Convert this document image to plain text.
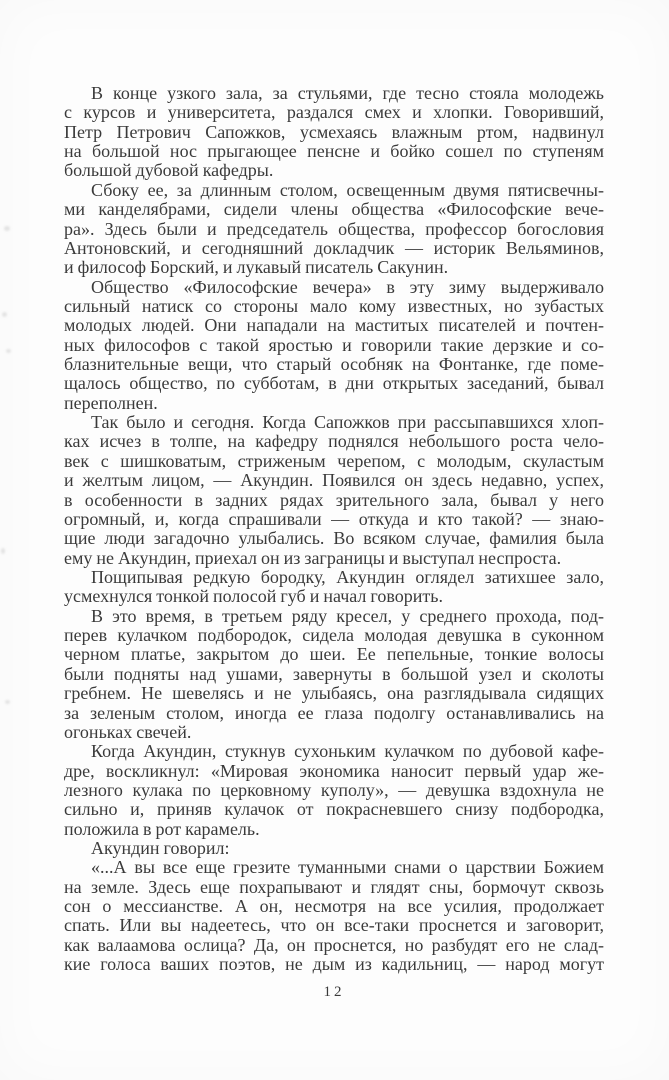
В конце узкого зала, за стульями, где тесно стояла молодежь
с курсов и университета, раздался смех и хлопки. Говоривший,
Петр Петрович Сапожков, усмехаясь влажным ртом, надвинул
на большой нос прыгающее пенсне и бойко сошел по ступеням
большой дубовой кафедры.
Сбоку ее, за длинным столом, освещенным двумя пятисвечны-
ми канделябрами, сидели члены общества «Философские вече-
ра». Здесь были и председатель общества, профессор богословия
Антоновский, и сегодняшний докладчик — историк Вельяминов,
и философ Борский, и лукавый писатель Сакунин.
Общество «Философские вечера» в эту зиму выдерживало
сильный натиск со стороны мало кому известных, но зубастых
молодых людей. Они нападали на маститых писателей и почтен-
ных философов с такой яростью и говорили такие дерзкие и со-
блазнительные вещи, что старый особняк на Фонтанке, где поме-
щалось общество, по субботам, в дни открытых заседаний, бывал
переполнен.
Так было и сегодня. Когда Сапожков при рассыпавшихся хлоп-
ках исчез в толпе, на кафедру поднялся небольшого роста чело-
век с шишковатым, стриженым черепом, с молодым, скуластым
и желтым лицом, — Акундин. Появился он здесь недавно, успех,
в особенности в задних рядах зрительного зала, бывал у него
огромный, и, когда спрашивали — откуда и кто такой? — знаю-
щие люди загадочно улыбались. Во всяком случае, фамилия была
ему не Акундин, приехал он из заграницы и выступал неспроста.
Пощипывая редкую бородку, Акундин оглядел затихшее зало,
усмехнулся тонкой полосой губ и начал говорить.
В это время, в третьем ряду кресел, у среднего прохода, под-
перев кулачком подбородок, сидела молодая девушка в суконном
черном платье, закрытом до шеи. Ее пепельные, тонкие волосы
были подняты над ушами, завернуты в большой узел и сколоты
гребнем. Не шевелясь и не улыбаясь, она разглядывала сидящих
за зеленым столом, иногда ее глаза подолгу останавливались на
огоньках свечей.
Когда Акундин, стукнув сухоньким кулачком по дубовой кафе-
дре, воскликнул: «Мировая экономика наносит первый удар же-
лезного кулака по церковному куполу», — девушка вздохнула не
сильно и, приняв кулачок от покрасневшего снизу подбородка,
положила в рот карамель.
Акундин говорил:
«...А вы все еще грезите туманными снами о царствии Божием
на земле. Здесь еще похрапывают и глядят сны, бормочут сквозь
сон о мессианстве. А он, несмотря на все усилия, продолжает
спать. Или вы надеетесь, что он все-таки проснется и заговорит,
как валаамова ослица? Да, он проснется, но разбудят его не слад-
кие голоса ваших поэтов, не дым из кадильниц, — народ могут
12
